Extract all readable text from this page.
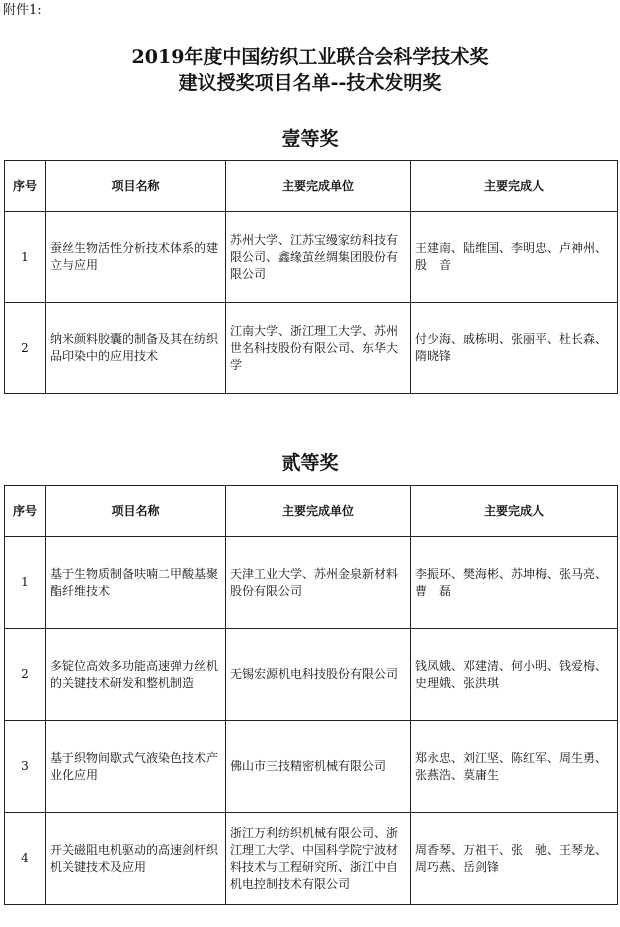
附件1:
2019年度中国纺织工业联合会科学技术奖
建议授奖项目名单--技术发明奖
壹等奖
序号	项目名称	主要完成单位	主要完成人
1	蚕丝生物活性分析技术体系的建立与应用	苏州大学、江苏宝缦家纺科技有限公司、鑫缘茧丝绸集团股份有限公司	王建南、陆维国、李明忠、卢神州、殷　音
2	纳米颜料胶囊的制备及其在纺织品印染中的应用技术	江南大学、浙江理工大学、苏州世名科技股份有限公司、东华大学	付少海、戚栋明、张丽平、杜长森、隋晓锋
贰等奖
序号	项目名称	主要完成单位	主要完成人
1	基于生物质制备呋喃二甲酸基聚酯纤维技术	天津工业大学、苏州金泉新材料股份有限公司	李振环、樊海彬、苏坤梅、张马亮、曹　磊
2	多锭位高效多功能高速弹力丝机的关键技术研发和整机制造	无锡宏源机电科技股份有限公司	钱凤娥、邓建清、何小明、钱爱梅、史理娥、张洪琪
3	基于织物间歇式气液染色技术产业化应用	佛山市三技精密机械有限公司	郑永忠、刘江坚、陈红军、周生勇、张燕浩、莫庸生
4	开关磁阻电机驱动的高速剑杆织机关键技术及应用	浙江万利纺织机械有限公司、浙江理工大学、中国科学院宁波材料技术与工程研究所、浙江中自机电控制技术有限公司	周香琴、万祖干、张　驰、王琴龙、周巧燕、岳剑锋
